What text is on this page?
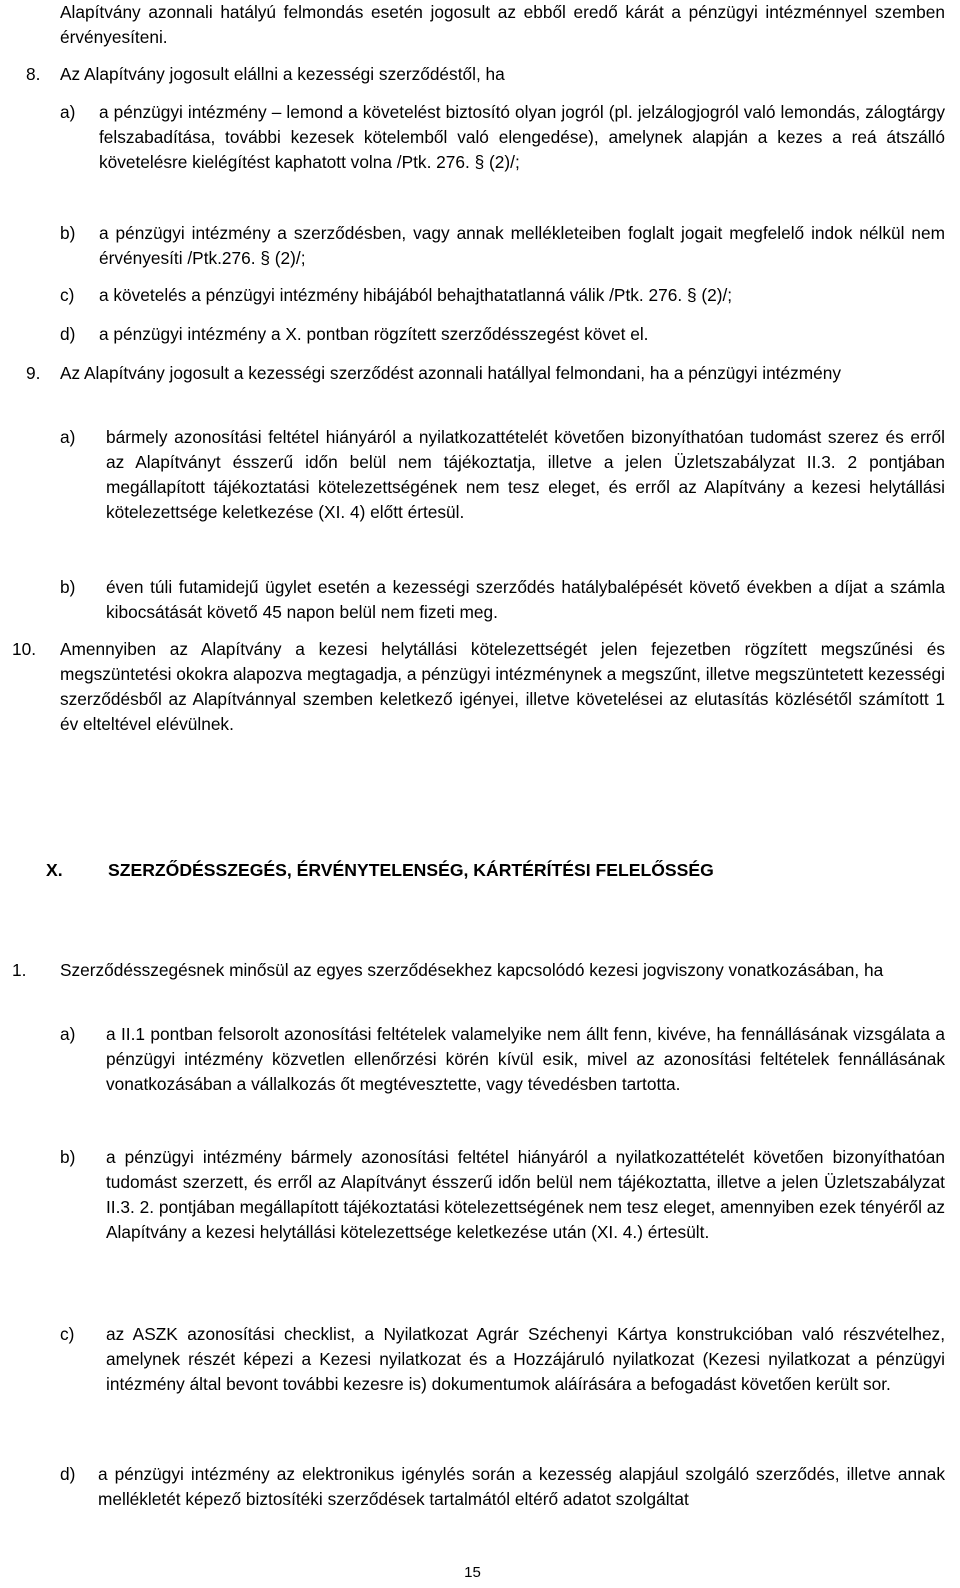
Alapítvány azonnali hatályú felmondás esetén jogosult az ebből eredő kárát a pénzügyi intézménnyel szemben érvényesíteni.
8.	Az Alapítvány jogosult elállni a kezességi szerződéstől, ha
a)	a pénzügyi intézmény – lemond a követelést biztosító olyan jogról (pl. jelzálogjogról való lemondás, zálogtárgy felszabadítása, további kezesek kötelemből való elengedése), amelynek alapján a kezes a reá átszálló követelésre kielégítést kaphatott volna /Ptk. 276. § (2)/;
b)	a pénzügyi intézmény a szerződésben, vagy annak mellékleteiben foglalt jogait megfelelő indok nélkül nem érvényesíti /Ptk.276. § (2)/;
c)	a követelés a pénzügyi intézmény hibájából behajthatatlanná válik /Ptk. 276. § (2)/;
d)	a pénzügyi intézmény a X. pontban rögzített szerződésszegést követ el.
9.	Az Alapítvány jogosult a kezességi szerződést azonnali hatállyal felmondani, ha a pénzügyi intézmény
a)	bármely azonosítási feltétel hiányáról a nyilatkozattételét követően bizonyíthatóan tudomást szerez és erről az Alapítványt ésszerű időn belül nem tájékoztatja, illetve a jelen Üzletszabályzat II.3. 2 pontjában megállapított tájékoztatási kötelezettségének nem tesz eleget, és erről az Alapítvány a kezesi helytállási kötelezettsége keletkezése (XI. 4) előtt értesül.
b)	éven túli futamidejű ügylet esetén a kezességi szerződés hatálybalépését követő években a díjat a számla kibocsátását követő 45 napon belül nem fizeti meg.
10.	Amennyiben az Alapítvány a kezesi helytállási kötelezettségét jelen fejezetben rögzített megszűnési és megszüntetési okokra alapozva megtagadja, a pénzügyi intézménynek a megszűnt, illetve megszüntetett kezességi szerződésből az Alapítvánnyal szemben keletkező igényei, illetve követelései az elutasítás közlésétől számított 1 év elteltével elévülnek.
X.	SZERZŐDÉSSZEGÉS, ÉRVÉNYTELENSÉG, KÁRTÉRÍTÉSI FELELŐSSÉG
1.	Szerződésszegésnek minősül az egyes szerződésekhez kapcsolódó kezesi jogviszony vonatkozásában, ha
a)	a II.1 pontban felsorolt azonosítási feltételek valamelyike nem állt fenn, kivéve, ha fennállásának vizsgálata a pénzügyi intézmény közvetlen ellenőrzési körén kívül esik, mivel az azonosítási feltételek fennállásának vonatkozásában a vállalkozás őt megtévesztette, vagy tévedésben tartotta.
b)	a pénzügyi intézmény bármely azonosítási feltétel hiányáról a nyilatkozattételét követően bizonyíthatóan tudomást szerzett, és erről az Alapítványt ésszerű időn belül nem tájékoztatta, illetve a jelen Üzletszabályzat II.3. 2. pontjában megállapított tájékoztatási kötelezettségének nem tesz eleget, amennyiben ezek tényéről az Alapítvány a kezesi helytállási kötelezettsége keletkezése után (XI. 4.) értesült.
c)	az ASZK azonosítási checklist, a Nyilatkozat Agrár Széchenyi Kártya konstrukcióban való részvételhez, amelynek részét képezi a Kezesi nyilatkozat és a Hozzájáruló nyilatkozat (Kezesi nyilatkozat a pénzügyi intézmény által bevont további kezesre is) dokumentumok aláírására a befogadást követően került sor.
d)	a pénzügyi intézmény az elektronikus igénylés során a kezesség alapjául szolgáló szerződés, illetve annak mellékletét képező biztosítéki szerződések tartalmától eltérő adatot szolgáltat
15
